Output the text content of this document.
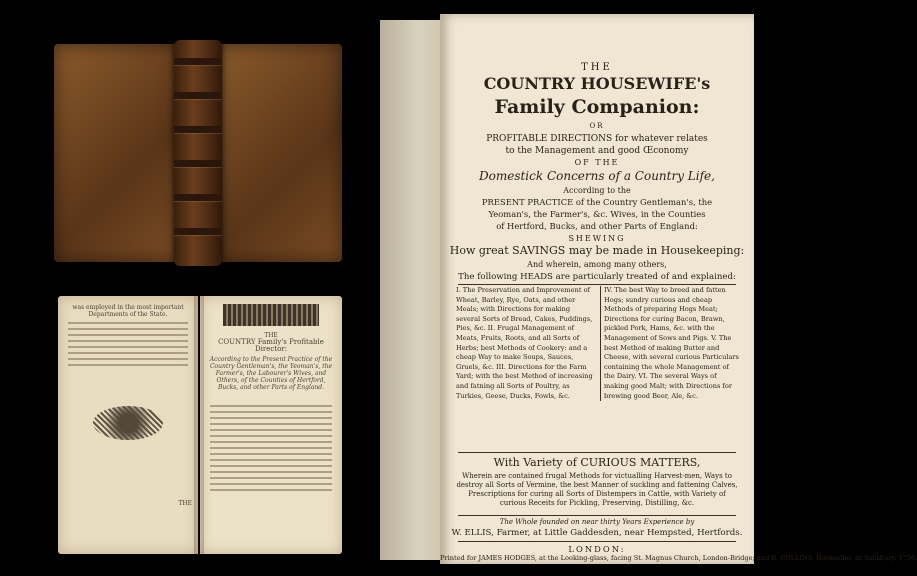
was employed in the most important Departments of the State.
THE
THE
COUNTRY Family's Profitable Director:
According to the Present Practice of the Country Gentleman's, the Yeoman's, the Farmer's, the Labourer's Wives, and Others, of the Counties of Hertford, Bucks, and other Parts of England.
THE
COUNTRY HOUSEWIFE's
Family Companion:
OR
PROFITABLE DIRECTIONS for whatever relates
to the Management and good Œconomy
OF THE
Domestick Concerns of a Country Life,
According to the
PRESENT PRACTICE of the Country Gentleman's, the
Yeoman's, the Farmer's, &c. Wives, in the Counties
of Hertford, Bucks, and other Parts of England:
SHEWING
How great SAVINGS may be made in Housekeeping:
And wherein, among many others,
The following HEADS are particularly treated of and explained:
I. The Preservation and Improvement of Wheat, Barley, Rye, Oats, and other Meals; with Directions for making several Sorts of Bread, Cakes, Puddings, Pies, &c. II. Frugal Management of Meats, Fruits, Roots, and all Sorts of Herbs; best Methods of Cookery: and a cheap Way to make Soups, Sauces, Gruels, &c. III. Directions for the Farm Yard; with the best Method of increasing and fatning all Sorts of Poultry, as Turkies, Geese, Ducks, Fowls, &c.
IV. The best Way to breed and fatten Hogs; sundry curious and cheap Methods of preparing Hogs Meat; Directions for curing Bacon, Brawn, pickled Pork, Hams, &c. with the Management of Sows and Pigs. V. The best Method of making Butter and Cheese, with several curious Particulars containing the whole Management of the Dairy. VI. The several Ways of making good Malt; with Directions for brewing good Beer, Ale, &c.
With Variety of CURIOUS MATTERS,
Wherein are contained frugal Methods for victualling Harvest-men, Ways to destroy all Sorts of Vermine, the best Manner of suckling and fattening Calves, Prescriptions for curing all Sorts of Distempers in Cattle, with Variety of curious Receits for Pickling, Preserving, Distilling, &c.
The Whole founded on near thirty Years Experience by
W. ELLIS, Farmer, at Little Gaddesden, near Hempsted, Hertfords.
LONDON:
Printed for JAMES HODGES, at the Looking-glass, facing St. Magnus Church, London-Bridge; and B. COLLINS, Bookseller, at Salisbury. 1750.
